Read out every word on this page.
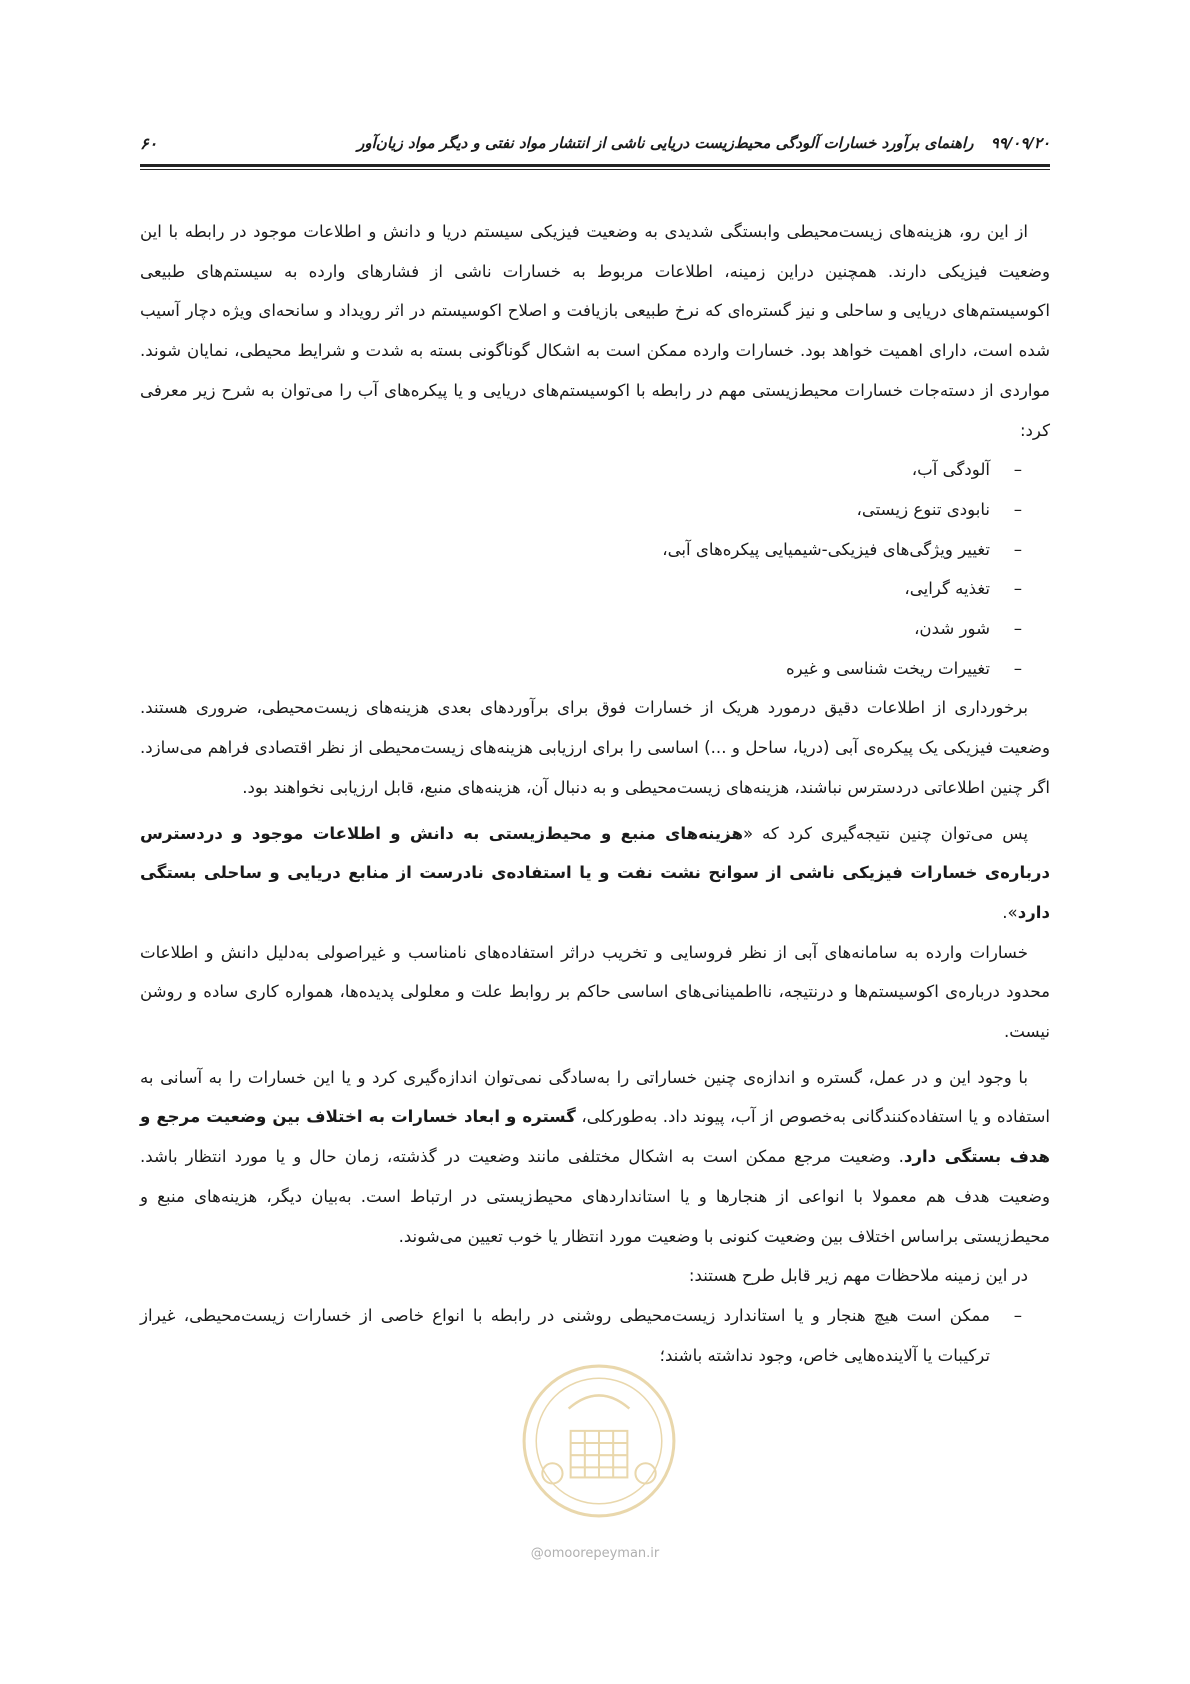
۹۹/۰۹/۲۰ راهنمای برآورد خسارات آلودگی محیط‌زیست دریایی ناشی از انتشار مواد نفتی و دیگر مواد زیان‌آور
۶۰

از این رو، هزینه‌های زیست‌محیطی وابستگی شدیدی به وضعیت فیزیکی سیستم دریا و دانش و اطلاعات موجود در رابطه با این وضعیت فیزیکی دارند. همچنین دراین زمینه، اطلاعات مربوط به خسارات ناشی از فشارهای وارده به سیستم‌های طبیعی اکوسیستم‌های دریایی و ساحلی و نیز گستره‌ای که نرخ طبیعی بازیافت و اصلاح اکوسیستم در اثر رویداد و سانحه‌ای ویژه دچار آسیب شده است، دارای اهمیت خواهد بود. خسارات وارده ممکن است به اشکال گوناگونی بسته به شدت و شرایط محیطی، نمایان شوند. مواردی از دسته‌جات خسارات محیط‌زیستی مهم در رابطه با اکوسیستم‌های دریایی و یا پیکره‌های آب را می‌توان به شرح زیر معرفی کرد:

–
آلودگی آب،
–
نابودی تنوع زیستی،
–
تغییر ویژگی‌های فیزیکی-شیمیایی پیکره‌های آبی،
–
تغذیه گرایی،
–
شور شدن،
–
تغییرات ریخت شناسی و غیره

برخورداری از اطلاعات دقیق درمورد هریک از خسارات فوق برای برآوردهای بعدی هزینه‌های زیست‌محیطی، ضروری هستند. وضعیت فیزیکی یک پیکره‌ی آبی (دریا، ساحل و ...) اساسی را برای ارزیابی هزینه‌های زیست‌محیطی از نظر اقتصادی فراهم می‌سازد. اگر چنین اطلاعاتی دردسترس نباشند، هزینه‌های زیست‌محیطی و به دنبال آن، هزینه‌های منبع، قابل ارزیابی نخواهند بود.

پس می‌توان چنین نتیجه‌گیری کرد که «هزینه‌های منبع و محیط‌زیستی به دانش و اطلاعات موجود و دردسترس درباره‌ی خسارات فیزیکی ناشی از سوانح نشت نفت و یا استفاده‌ی نادرست از منابع دریایی و ساحلی بستگی دارد».

خسارات وارده به سامانه‌های آبی از نظر فروسایی و تخریب دراثر استفاده‌های نامناسب و غیراصولی به‌دلیل دانش و اطلاعات محدود درباره‌ی اکوسیستم‌ها و درنتیجه، نااطمینانی‌های اساسی حاکم بر روابط علت و معلولی پدیده‌ها، همواره کاری ساده و روشن نیست.

با وجود این و در عمل، گستره و اندازه‌ی چنین خساراتی را به‌سادگی نمی‌توان اندازه‌گیری کرد و یا این خسارات را به آسانی به استفاده و یا استفاده‌کنندگانی به‌خصوص از آب، پیوند داد. به‌طورکلی، گستره و ابعاد خسارات به اختلاف بین وضعیت مرجع و هدف بستگی دارد. وضعیت مرجع ممکن است به اشکال مختلفی مانند وضعیت در گذشته، زمان حال و یا مورد انتظار باشد. وضعیت هدف هم معمولا با انواعی از هنجارها و یا استانداردهای محیط‌زیستی در ارتباط است. به‌بیان دیگر، هزینه‌های منبع و محیط‌زیستی براساس اختلاف بین وضعیت کنونی با وضعیت مورد انتظار یا خوب تعیین می‌شوند.

در این زمینه ملاحظات مهم زیر قابل طرح هستند:

–
ممکن است هیچ هنجار و یا استاندارد زیست‌محیطی روشنی در رابطه با انواع خاصی از خسارات زیست‌محیطی، غیراز ترکیبات یا آلاینده‌هایی خاص، وجود نداشته باشند؛
@omoorepeyman.ir
